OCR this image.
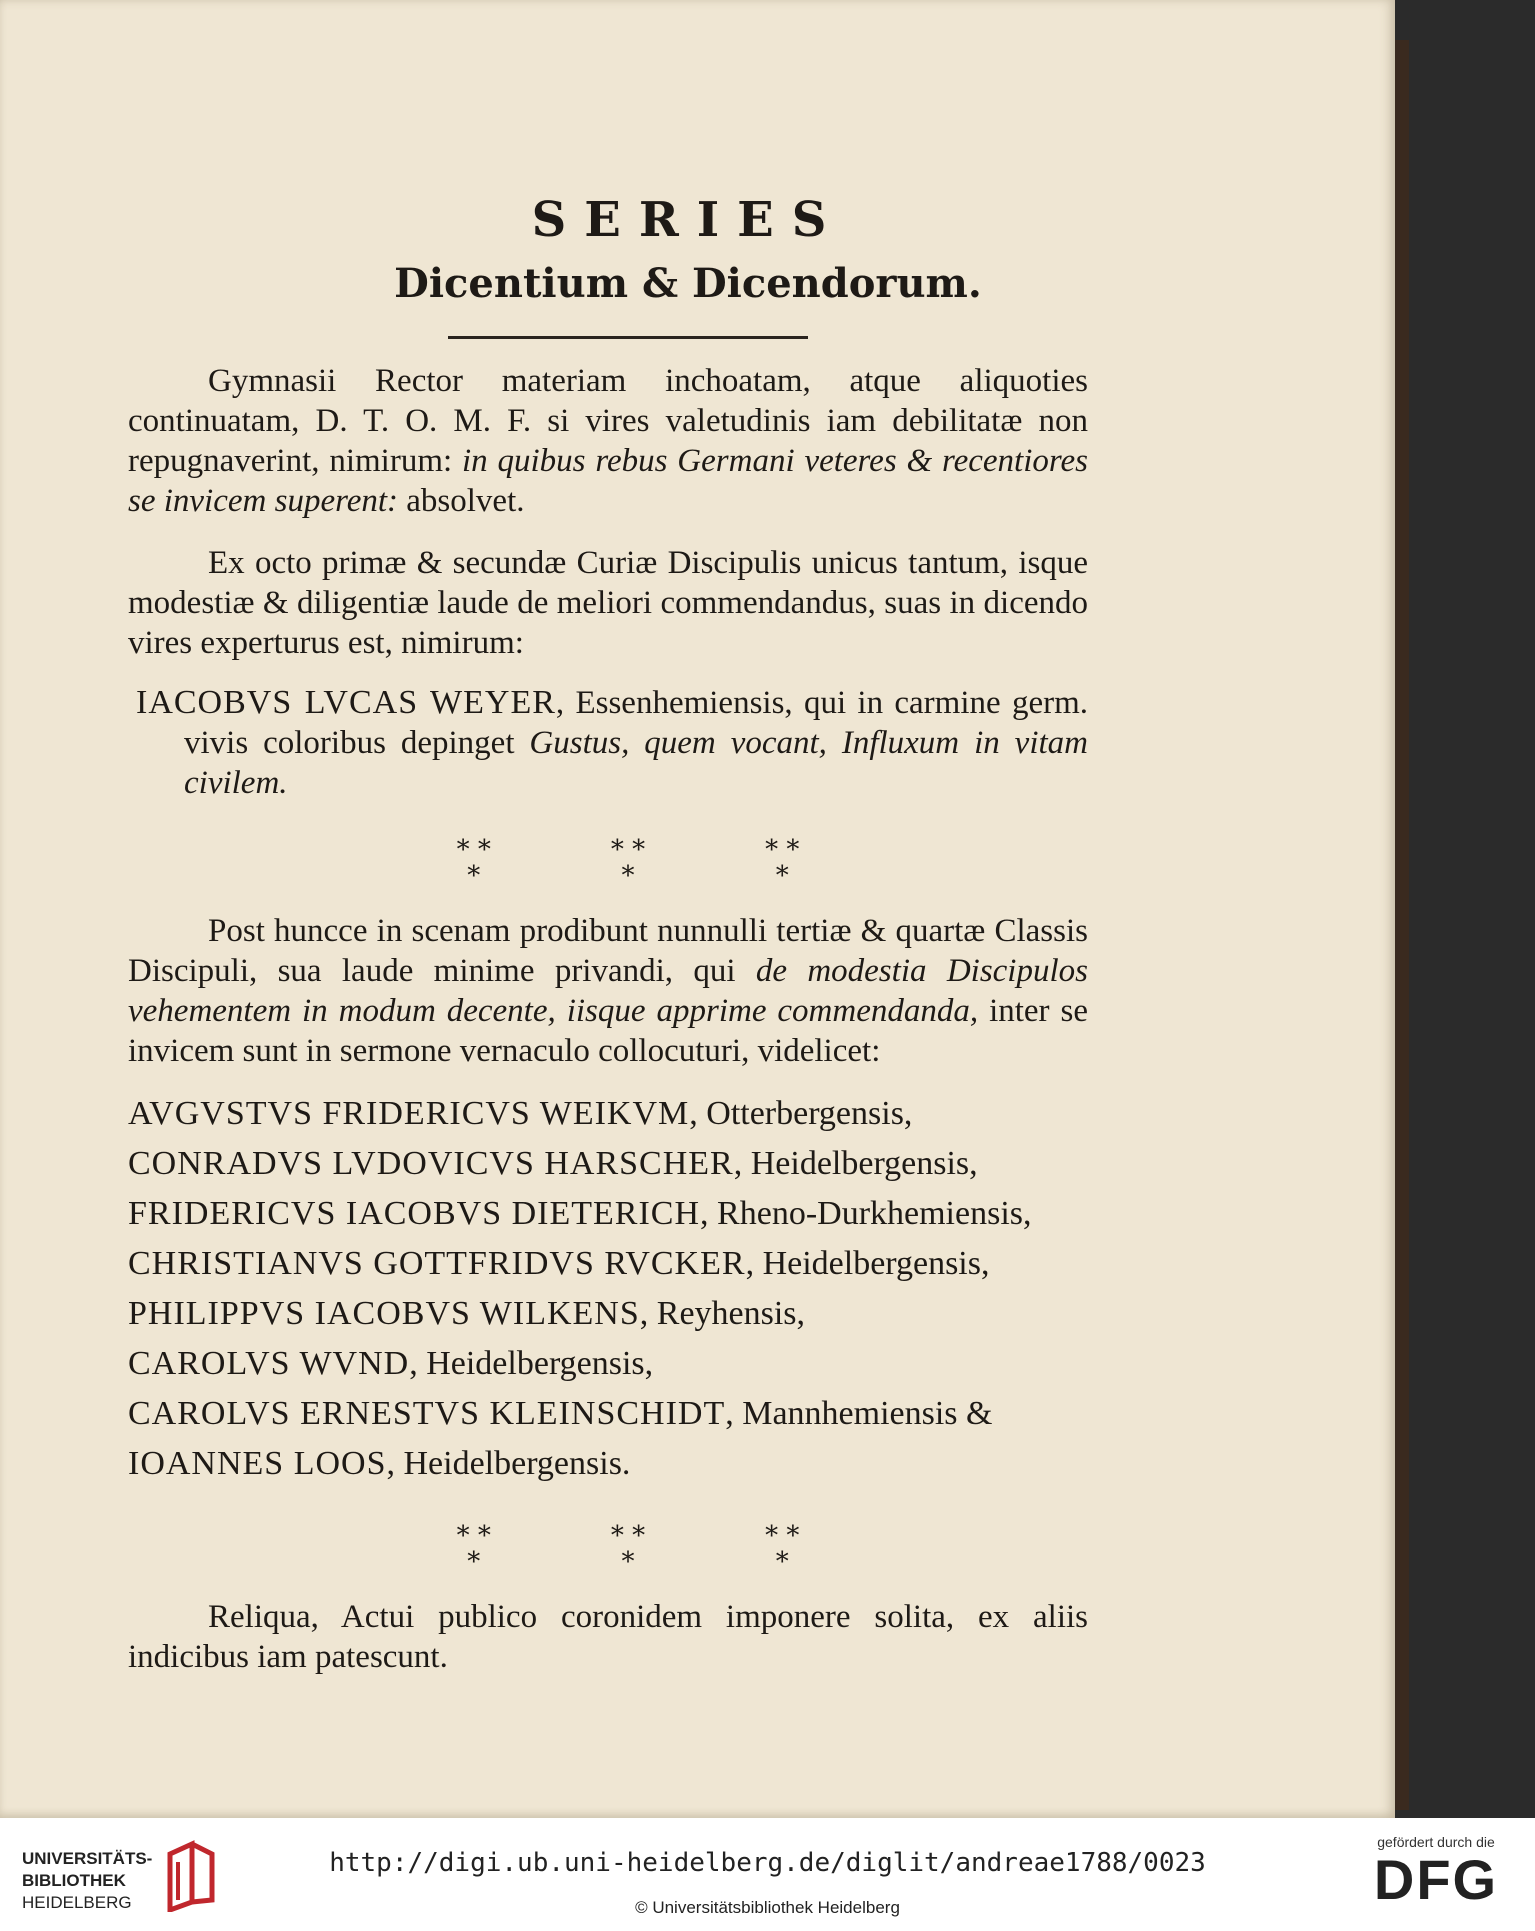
SERIES
Dicentium & Dicendorum.

Gymnasii Rector materiam inchoatam, atque aliquoties continuatam, D. T. O. M. F. si vires valetudinis iam debilitatæ non repugnaverint, nimirum: in quibus rebus Germani veteres & recentiores se invicem superent: absolvet.

Ex octo primæ & secundæ Curiæ Discipulis unicus tantum, isque modestiæ & diligentiæ laude de meliori commendandus, suas in dicendo vires experturus est, nimirum:

IACOBVS LVCAS WEYER, Essenhemiensis, qui in carmine germ. vivis coloribus depinget Gustus, quem vocant, Influxum in vitam civilem.

* *
*
* *
*
* *
*

Post huncce in scenam prodibunt nunnulli tertiæ & quartæ Classis Discipuli, sua laude minime privandi, qui de modestia Discipulos vehementem in modum decente, iisque apprime commendanda, inter se invicem sunt in sermone vernaculo collocuturi, videlicet:

AVGVSTVS FRIDERICVS WEIKVM, Otterbergensis,

CONRADVS LVDOVICVS HARSCHER, Heidelbergensis,

FRIDERICVS IACOBVS DIETERICH, Rheno-Durkhemiensis,

CHRISTIANVS GOTTFRIDVS RVCKER, Heidelbergensis,

PHILIPPVS IACOBVS WILKENS, Reyhensis,

CAROLVS WVND, Heidelbergensis,

CAROLVS ERNESTVS KLEINSCHIDT, Mannhemiensis &

IOANNES LOOS, Heidelbergensis.

* *
*
* *
*
* *
*

Reliqua, Actui publico coronidem imponere solita, ex aliis indicibus iam patescunt.

UNIVERSITÄTS-
BIBLIOTHEK
HEIDELBERG
http://digi.ub.uni-heidelberg.de/diglit/andreae1788/0023
© Universitätsbibliothek Heidelberg
gefördert durch die
DFG
